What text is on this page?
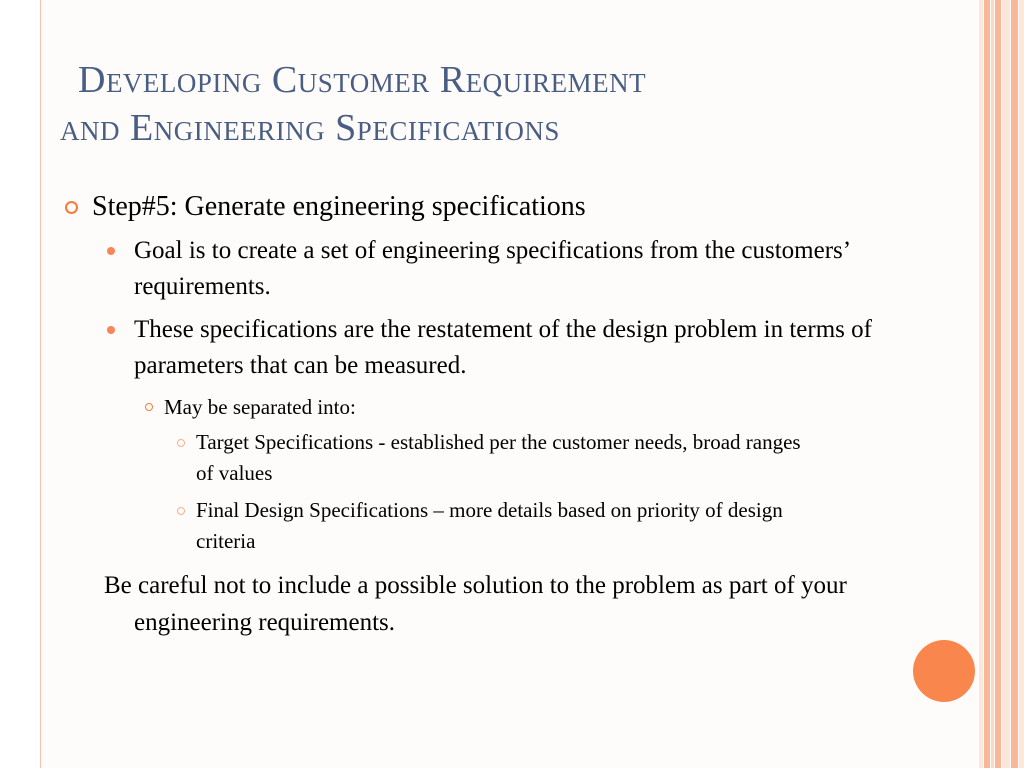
Developing Customer Requirement
and Engineering Specifications
Step#5: Generate engineering specifications
Goal is to create a set of engineering specifications from the customers’ requirements.
These specifications are the restatement of the design problem in terms of parameters that can be measured.
May be separated into:
Target Specifications - established per the customer needs, broad ranges of values
Final Design Specifications – more details based on priority of design criteria
Be careful not to include a possible solution to the problem as part of your engineering requirements.
